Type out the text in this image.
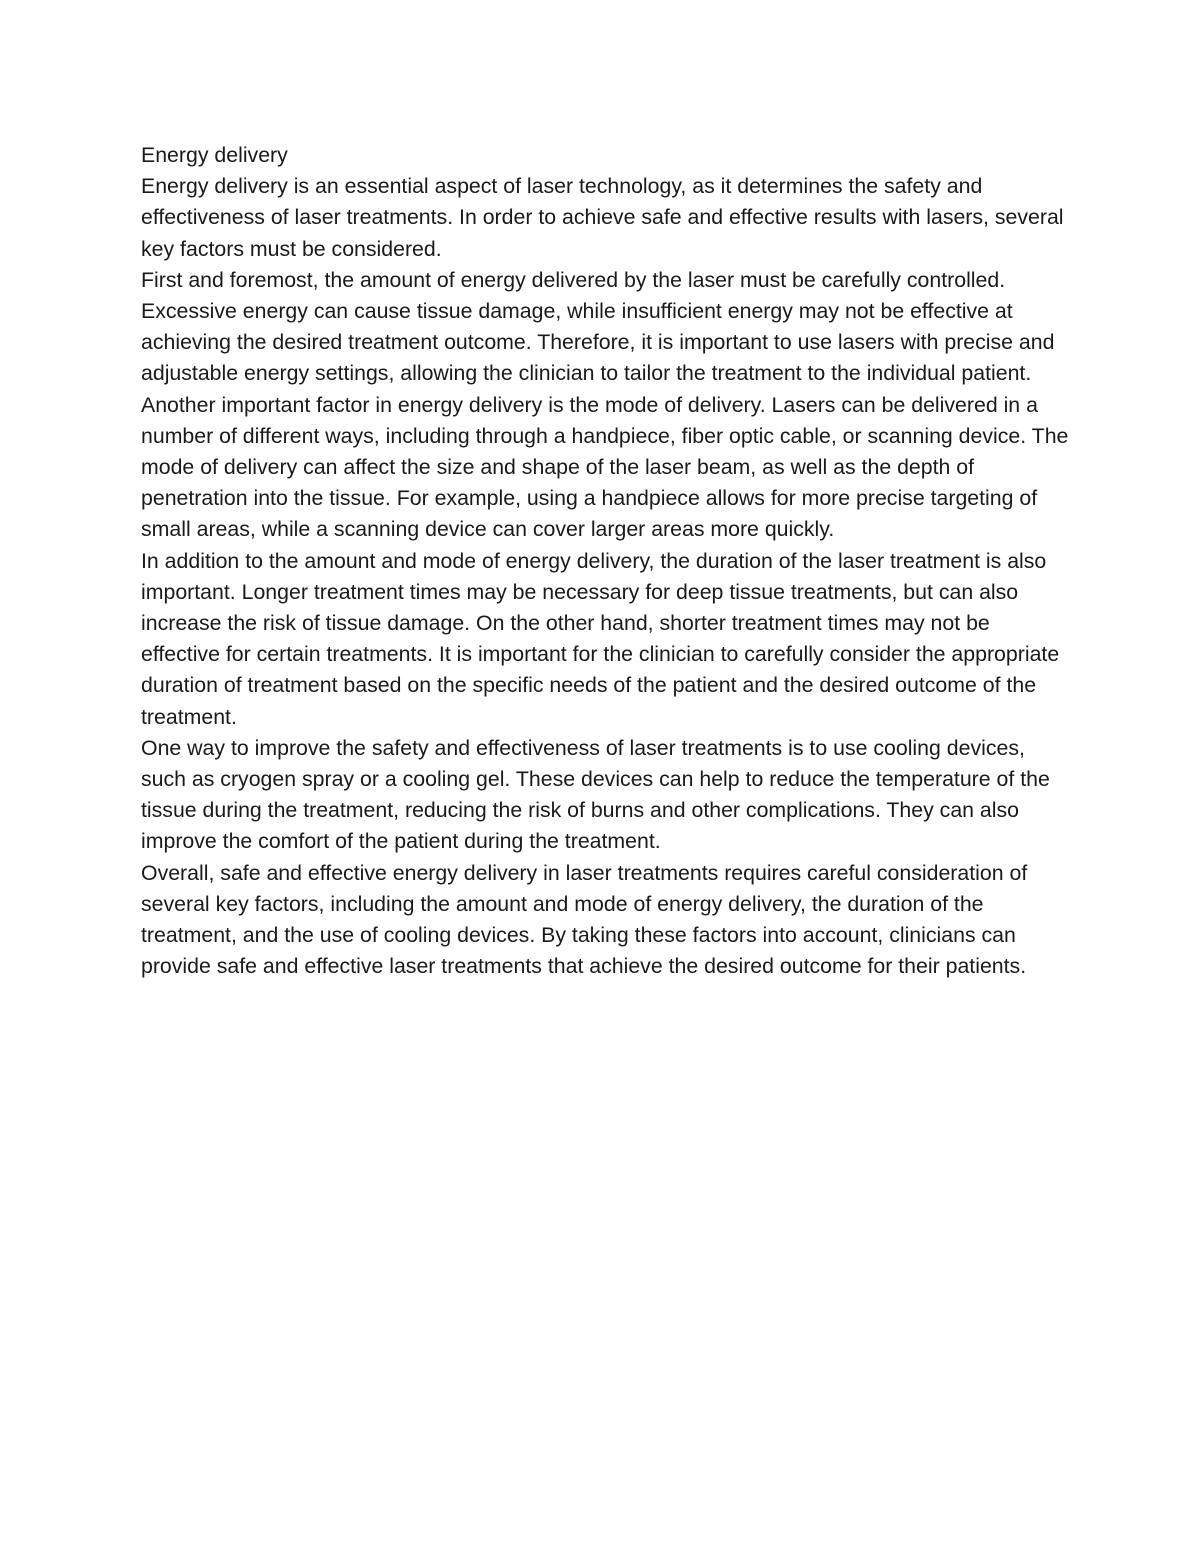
Energy delivery

Energy delivery is an essential aspect of laser technology, as it determines the safety and effectiveness of laser treatments. In order to achieve safe and effective results with lasers, several key factors must be considered.

First and foremost, the amount of energy delivered by the laser must be carefully controlled. Excessive energy can cause tissue damage, while insufficient energy may not be effective at achieving the desired treatment outcome. Therefore, it is important to use lasers with precise and adjustable energy settings, allowing the clinician to tailor the treatment to the individual patient.

Another important factor in energy delivery is the mode of delivery. Lasers can be delivered in a number of different ways, including through a handpiece, fiber optic cable, or scanning device. The mode of delivery can affect the size and shape of the laser beam, as well as the depth of penetration into the tissue. For example, using a handpiece allows for more precise targeting of small areas, while a scanning device can cover larger areas more quickly.

In addition to the amount and mode of energy delivery, the duration of the laser treatment is also important. Longer treatment times may be necessary for deep tissue treatments, but can also increase the risk of tissue damage. On the other hand, shorter treatment times may not be effective for certain treatments. It is important for the clinician to carefully consider the appropriate duration of treatment based on the specific needs of the patient and the desired outcome of the treatment.

One way to improve the safety and effectiveness of laser treatments is to use cooling devices, such as cryogen spray or a cooling gel. These devices can help to reduce the temperature of the tissue during the treatment, reducing the risk of burns and other complications. They can also improve the comfort of the patient during the treatment.

Overall, safe and effective energy delivery in laser treatments requires careful consideration of several key factors, including the amount and mode of energy delivery, the duration of the treatment, and the use of cooling devices. By taking these factors into account, clinicians can provide safe and effective laser treatments that achieve the desired outcome for their patients.
